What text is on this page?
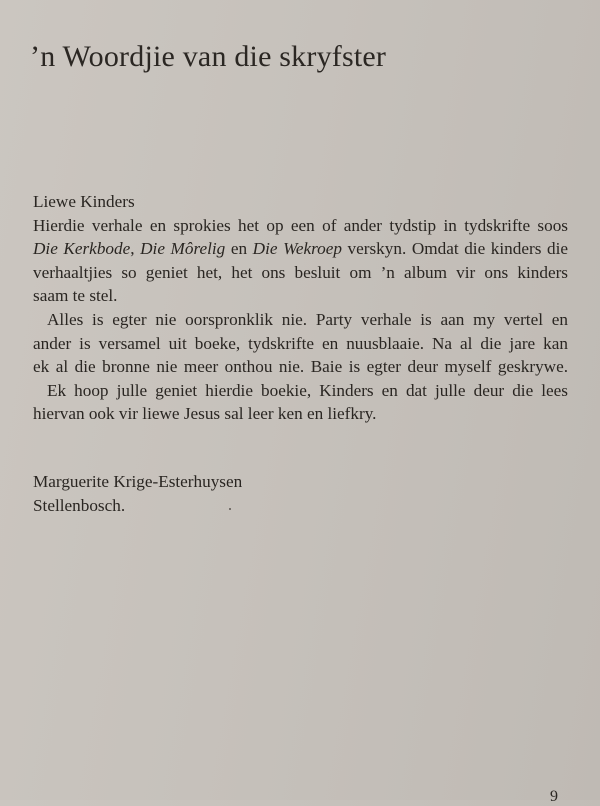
’n Woordjie van die skryfster
Liewe Kinders
Hierdie verhale en sprokies het op een of ander tydstip in tydskrifte soos
Die Kerkbode, Die Môrelig en Die Wekroep verskyn. Omdat die kinders die
verhaaltjies so geniet het, het ons besluit om ’n album vir ons kinders
saam te stel.
Alles is egter nie oorspronklik nie. Party verhale is aan my vertel en
ander is versamel uit boeke, tydskrifte en nuusblaaie. Na al die jare kan
ek al die bronne nie meer onthou nie. Baie is egter deur myself geskrywe.
Ek hoop julle geniet hierdie boekie, Kinders en dat julle deur die lees
hiervan ook vir liewe Jesus sal leer ken en liefkry.
Marguerite Krige-Esterhuysen
Stellenbosch.
9
